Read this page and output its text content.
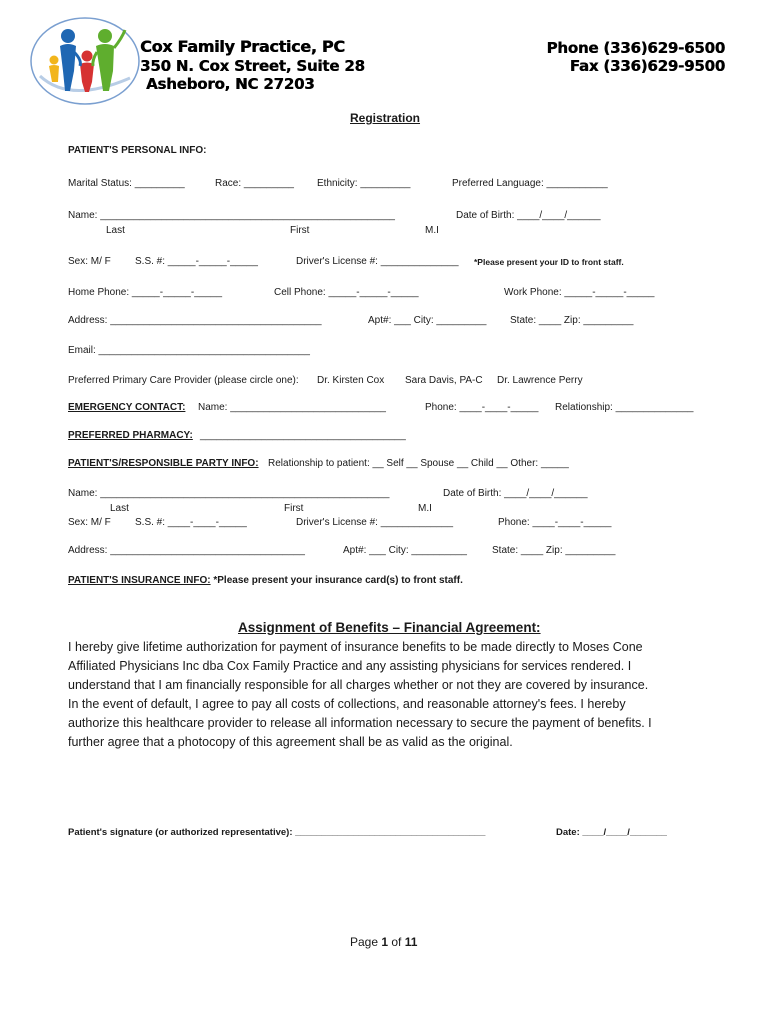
Cox Family Practice, PC
350 N. Cox Street, Suite 28
Asheboro, NC 27203
Phone (336)629-6500
Fax (336)629-9500
Registration
PATIENT'S PERSONAL INFO:
Marital Status: _________	Race: _________ Ethnicity: _________	Preferred Language: ___________
Name: _____________________________________________________	Date of Birth: ____/____/______
Last	First	M.I
Sex: M/ F S.S. #: _____-_____-_____	Driver's License #: ______________ *Please present your ID to front staff.
Home Phone: _____-_____-_____	Cell Phone: _____-_____-_____	Work Phone: _____-_____-_____
Address: ______________________________________	Apt#: ___ City: _________ State: ____ Zip: _________
Email: ______________________________________
Preferred Primary Care Provider (please circle one): Dr. Kirsten Cox Sara Davis, PA-C Dr. Lawrence Perry
EMERGENCY CONTACT: Name: ____________________________	Phone: ____-____-_____ Relationship: ______________
PREFERRED PHARMACY: _____________________________________
PATIENT'S/RESPONSIBLE PARTY INFO: Relationship to patient: __ Self __ Spouse __ Child __ Other: _____
Name: ____________________________________________________	Date of Birth: ____/____/______
Last	First	M.I
Sex: M/ F S.S. #: ____-____-_____	Driver's License #: _____________	Phone: ____-____-_____
Address: ___________________________________	Apt#: ___ City: __________	State: ____ Zip: _________
PATIENT'S INSURANCE INFO: *Please present your insurance card(s) to front staff.
Assignment of Benefits – Financial Agreement:
I hereby give lifetime authorization for payment of insurance benefits to be made directly to Moses Cone
Affiliated Physicians Inc dba Cox Family Practice and any assisting physicians for services rendered. I
understand that I am financially responsible for all charges whether or not they are covered by insurance.
In the event of default, I agree to pay all costs of collections, and reasonable attorney's fees. I hereby
authorize this healthcare provider to release all information necessary to secure the payment of benefits. I
further agree that a photocopy of this agreement shall be as valid as the original.
Patient's signature (or authorized representative): ____________________________________	Date: ____/____/_______
Page 1 of 11
